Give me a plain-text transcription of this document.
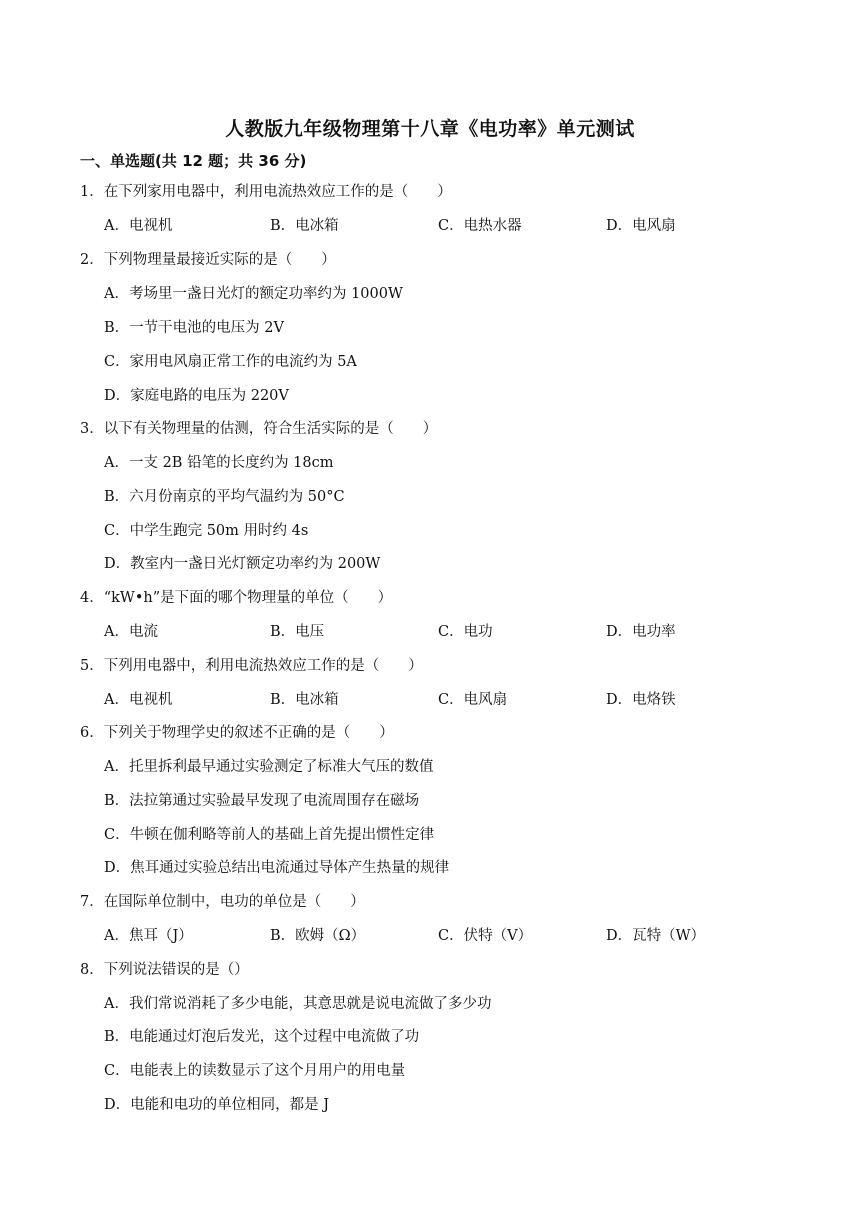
人教版九年级物理第十八章《电功率》单元测试
一、单选题(共 12 题；共 36 分)
1．在下列家用电器中，利用电流热效应工作的是（　　）
A．电视机	B．电冰箱	C．电热水器	D．电风扇
2．下列物理量最接近实际的是（　　）
A．考场里一盏日光灯的额定功率约为 1000W
B．一节干电池的电压为 2V
C．家用电风扇正常工作的电流约为 5A
D．家庭电路的电压为 220V
3．以下有关物理量的估测，符合生活实际的是（　　）
A．一支 2B 铅笔的长度约为 18cm
B．六月份南京的平均气温约为 50°C
C．中学生跑完 50m 用时约 4s
D．教室内一盏日光灯额定功率约为 200W
4．“kW•h”是下面的哪个物理量的单位（　　）
A．电流	B．电压	C．电功	D．电功率
5．下列用电器中，利用电流热效应工作的是（　　）
A．电视机	B．电冰箱	C．电风扇	D．电烙铁
6．下列关于物理学史的叙述不正确的是（　　）
A．托里拆利最早通过实验测定了标准大气压的数值
B．法拉第通过实验最早发现了电流周围存在磁场
C．牛顿在伽利略等前人的基础上首先提出惯性定律
D．焦耳通过实验总结出电流通过导体产生热量的规律
7．在国际单位制中，电功的单位是（　　）
A．焦耳（J）	B．欧姆（Ω）	C．伏特（V）	D．瓦特（W）
8．下列说法错误的是（）
A．我们常说消耗了多少电能，其意思就是说电流做了多少功
B．电能通过灯泡后发光，这个过程中电流做了功
C．电能表上的读数显示了这个月用户的用电量
D．电能和电功的单位相同，都是 J
